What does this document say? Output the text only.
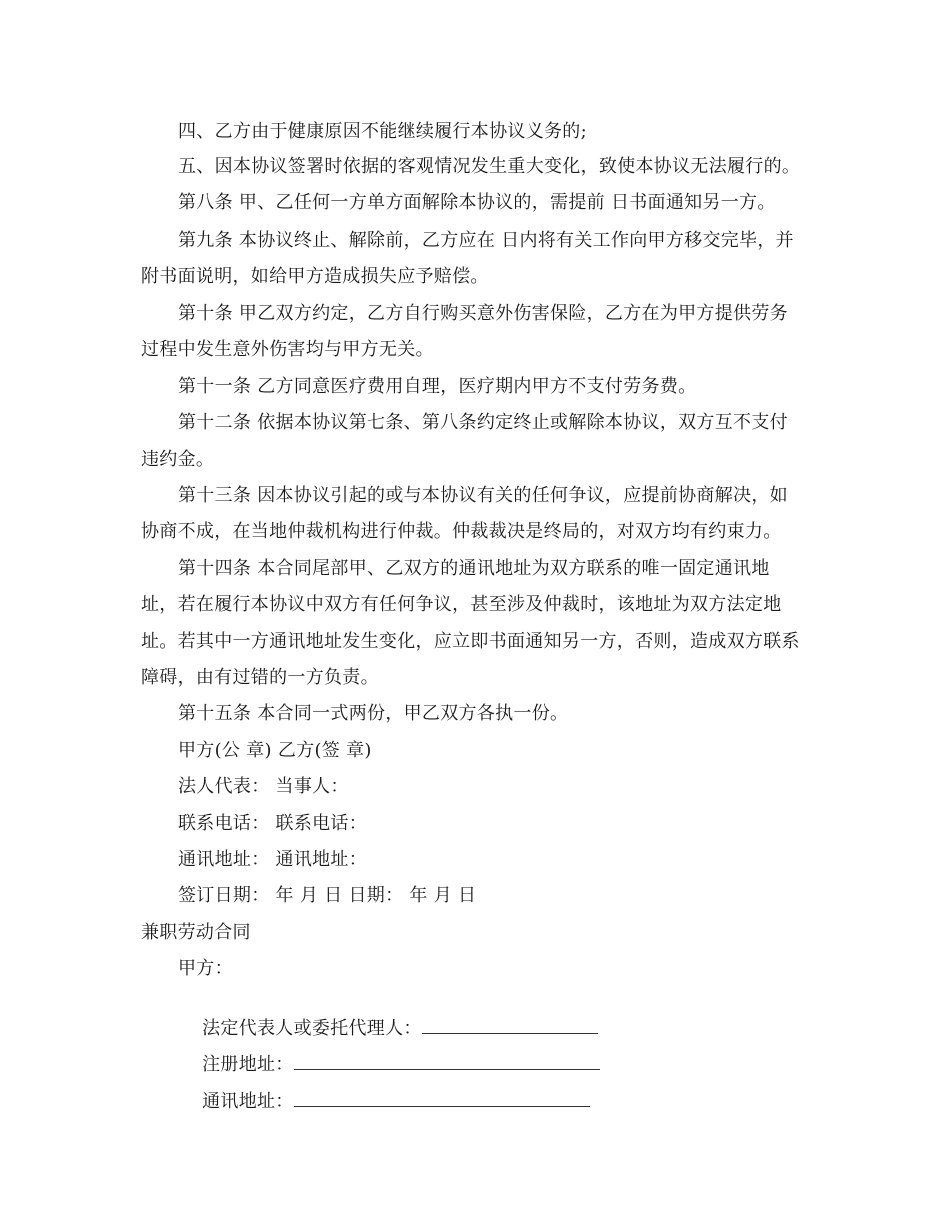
四、乙方由于健康原因不能继续履行本协议义务的;
五、因本协议签署时依据的客观情况发生重大变化，致使本协议无法履行的。
第八条 甲、乙任何一方单方面解除本协议的，需提前 日书面通知另一方。
第九条 本协议终止、解除前，乙方应在 日内将有关工作向甲方移交完毕，并
附书面说明，如给甲方造成损失应予赔偿。
第十条 甲乙双方约定，乙方自行购买意外伤害保险，乙方在为甲方提供劳务
过程中发生意外伤害均与甲方无关。
第十一条 乙方同意医疗费用自理，医疗期内甲方不支付劳务费。
第十二条 依据本协议第七条、第八条约定终止或解除本协议，双方互不支付
违约金。
第十三条 因本协议引起的或与本协议有关的任何争议，应提前协商解决，如
协商不成，在当地仲裁机构进行仲裁。仲裁裁决是终局的，对双方均有约束力。
第十四条 本合同尾部甲、乙双方的通讯地址为双方联系的唯一固定通讯地
址，若在履行本协议中双方有任何争议，甚至涉及仲裁时，该地址为双方法定地
址。若其中一方通讯地址发生变化，应立即书面通知另一方，否则，造成双方联系
障碍，由有过错的一方负责。
第十五条 本合同一式两份，甲乙双方各执一份。
甲方(公 章) 乙方(签 章)
法人代表： 当事人：
联系电话： 联系电话：
通讯地址： 通讯地址：
签订日期： 年 月 日 日期： 年 月 日
兼职劳动合同
甲方：

法定代表人或委托代理人：

注册地址：

通讯地址：
